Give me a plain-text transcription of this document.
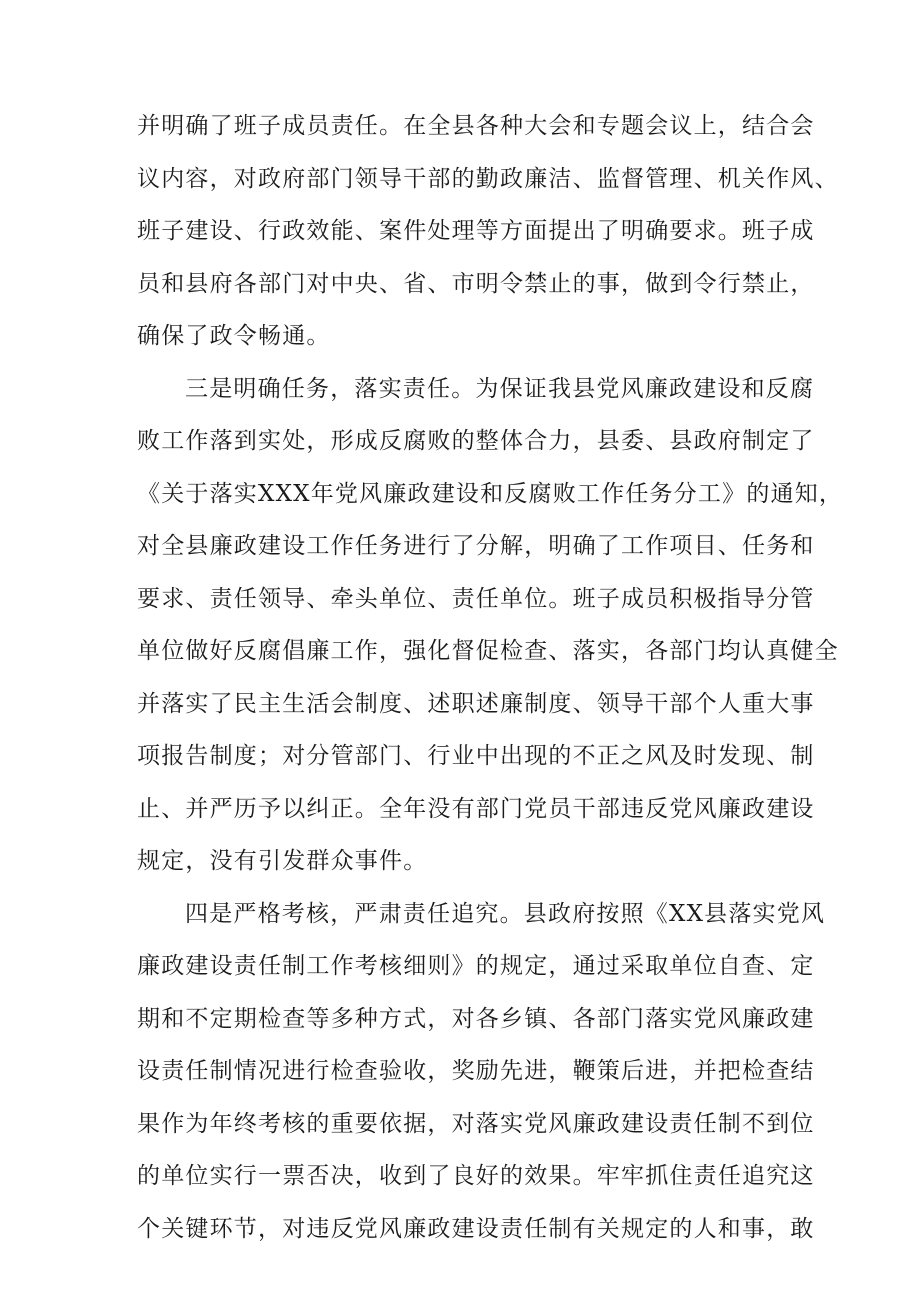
并明确了班子成员责任。在全县各种大会和专题会议上，结合会
议内容，对政府部门领导干部的勤政廉洁、监督管理、机关作风、
班子建设、行政效能、案件处理等方面提出了明确要求。班子成
员和县府各部门对中央、省、市明令禁止的事，做到令行禁止，
确保了政令畅通。
三是明确任务，落实责任。为保证我县党风廉政建设和反腐
败工作落到实处，形成反腐败的整体合力，县委、县政府制定了
《关于落实XXX年党风廉政建设和反腐败工作任务分工》的通知，
对全县廉政建设工作任务进行了分解，明确了工作项目、任务和
要求、责任领导、牵头单位、责任单位。班子成员积极指导分管
单位做好反腐倡廉工作，强化督促检查、落实，各部门均认真健全
并落实了民主生活会制度、述职述廉制度、领导干部个人重大事
项报告制度；对分管部门、行业中出现的不正之风及时发现、制
止、并严历予以纠正。全年没有部门党员干部违反党风廉政建设
规定，没有引发群众事件。
四是严格考核，严肃责任追究。县政府按照《XX县落实党风
廉政建设责任制工作考核细则》的规定，通过采取单位自查、定
期和不定期检查等多种方式，对各乡镇、各部门落实党风廉政建
设责任制情况进行检查验收，奖励先进，鞭策后进，并把检查结
果作为年终考核的重要依据，对落实党风廉政建设责任制不到位
的单位实行一票否决，收到了良好的效果。牢牢抓住责任追究这
个关键环节，对违反党风廉政建设责任制有关规定的人和事，敢
